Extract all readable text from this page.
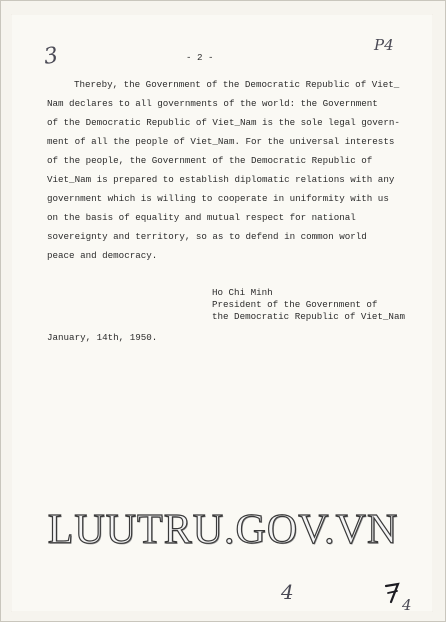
3	P4
- 2 -
Thereby, the Government of the Democratic Republic of Viet_
Nam declares to all governments of the world: the Government
of the Democratic Republic of Viet_Nam is the sole legal govern-
ment of all the people of Viet_Nam. For the universal interests
of the people, the Government of the Democratic Republic of
Viet_Nam is prepared to establish diplomatic relations with any
government which is willing to cooperate in uniformity with us
on the basis of equality and mutual respect for national
sovereignty and territory, so as to defend in common world
peace and democracy.
Ho Chi Minh
President of the Government of
the Democratic Republic of Viet_Nam
January, 14th, 1950.
LUUTRU.GOV.VN
4
4
